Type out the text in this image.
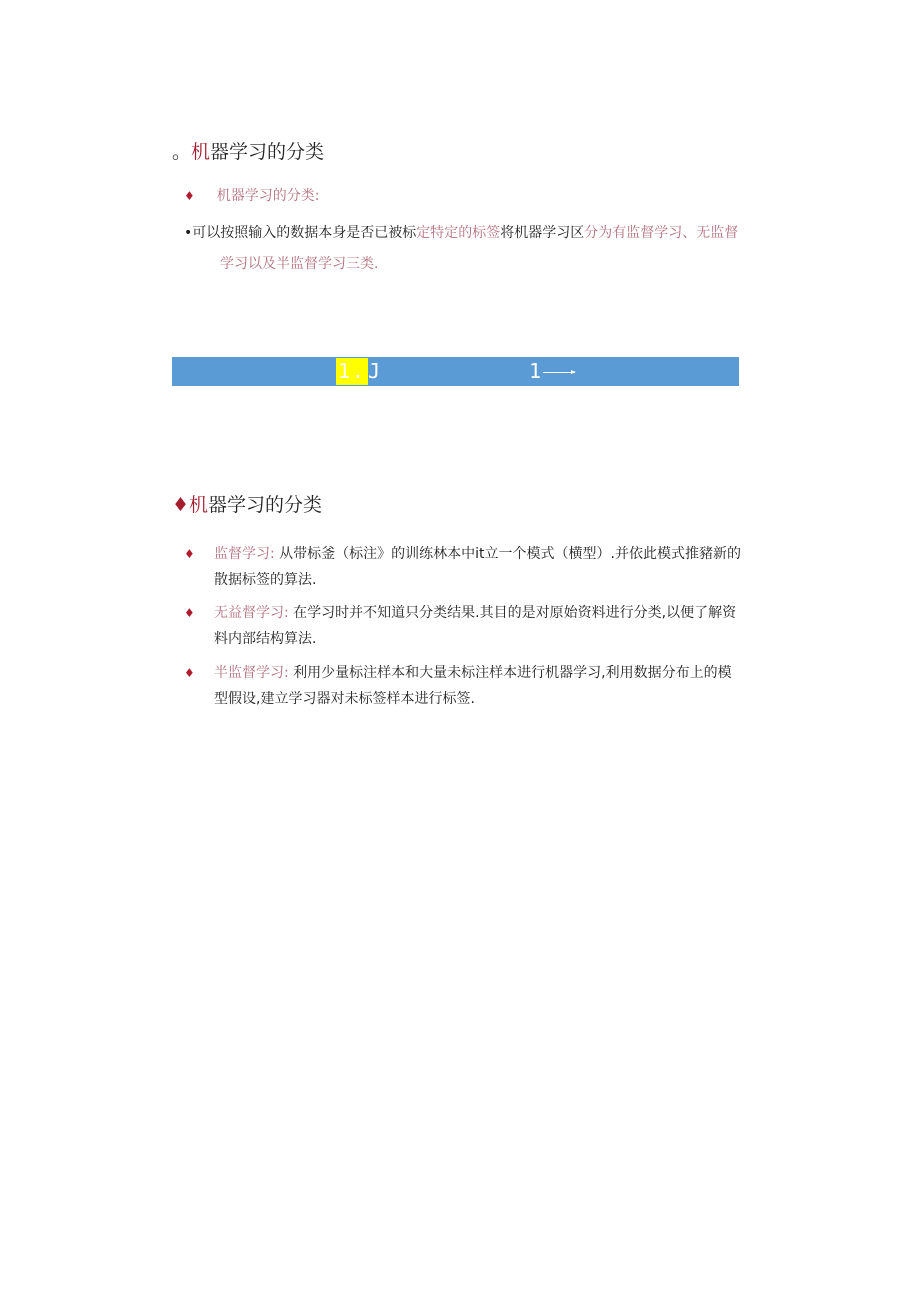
。机器学习的分类
♦ 机器学习的分类:
•可以按照输入的数据本身是否已被标定特定的标签将机器学习区分为有监督学习、无监督
学习以及半监督学习三类.
1. J	1
♦机器学习的分类
♦ 监督学习: 从带标釜（标注》的训练林本中it立一个模式（横型）.并依此模式推豬新的散据标签的算法.
♦ 无益督学习: 在学习时并不知道只分类结果.其目的是对原始资料进行分类,以便了解资料内部结构算法.
♦ 半监督学习: 利用少量标注样本和大量未标注样本进行机器学习,利用数据分布上的模型假设,建立学习器对未标签样本进行标签.
